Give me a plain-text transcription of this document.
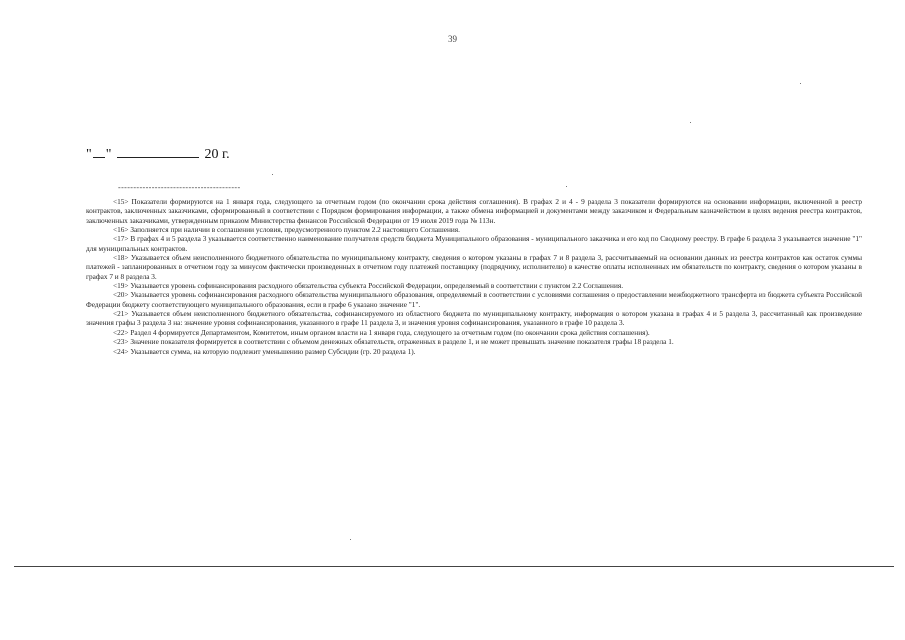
39
" "	20 г.
----------------------------------------

<15> Показатели формируются на 1 января года, следующего за отчетным годом (по окончании срока действия соглашения). В графах 2 и 4 - 9 раздела 3 показатели формируются на основании информации, включенной в реестр контрактов, заключенных заказчиками, сформированный в соответствии с Порядком формирования информации, а также обмена информацией и документами между заказчиком и Федеральным казначейством в целях ведения реестра контрактов, заключенных заказчиками, утвержденным приказом Министерства финансов Российской Федерации от 19 июля 2019 года № 113н.

<16> Заполняется при наличии в соглашении условия, предусмотренного пунктом 2.2 настоящего Соглашения.

<17> В графах 4 и 5 раздела 3 указывается соответственно наименование получателя средств бюджета Муниципального образования - муниципального заказчика и его код по Сводному реестру. В графе 6 раздела 3 указывается значение "1" для муниципальных контрактов.

<18> Указывается объем неисполненного бюджетного обязательства по муниципальному контракту, сведения о котором указаны в графах 7 и 8 раздела 3, рассчитываемый на основании данных из реестра контрактов как остаток суммы платежей - запланированных в отчетном году за минусом фактически произведенных в отчетном году платежей поставщику (подрядчику, исполнителю) в качестве оплаты исполненных им обязательств по контракту, сведения о котором указаны в графах 7 и 8 раздела 3.

<19> Указывается уровень софинансирования расходного обязательства субъекта Российской Федерации, определяемый в соответствии с пунктом 2.2 Соглашения.

<20> Указывается уровень софинансирования расходного обязательства муниципального образования, определяемый в соответствии с условиями соглашения о предоставлении межбюджетного трансферта из бюджета субъекта Российской Федерации бюджету соответствующего муниципального образования, если в графе 6 указано значение "1".

<21> Указывается объем неисполненного бюджетного обязательства, софинансируемого из областного бюджета по муниципальному контракту, информация о котором указана в графах 4 и 5 раздела 3, рассчитанный как произведение значения графы 3 раздела 3 на: значение уровня софинансирования, указанного в графе 11 раздела 3, и значения уровня софинансирования, указанного в графе 10 раздела 3.

<22> Раздел 4 формируется Департаментом, Комитетом, иным органом власти на 1 января года, следующего за отчетным годом (по окончании срока действия соглашения).

<23> Значение показателя формируется в соответствии с объемом денежных обязательств, отраженных в разделе 1, и не может превышать значение показателя графы 18 раздела 1.

<24> Указывается сумма, на которую подлежит уменьшению размер Субсидии (гр. 20 раздела 1).
